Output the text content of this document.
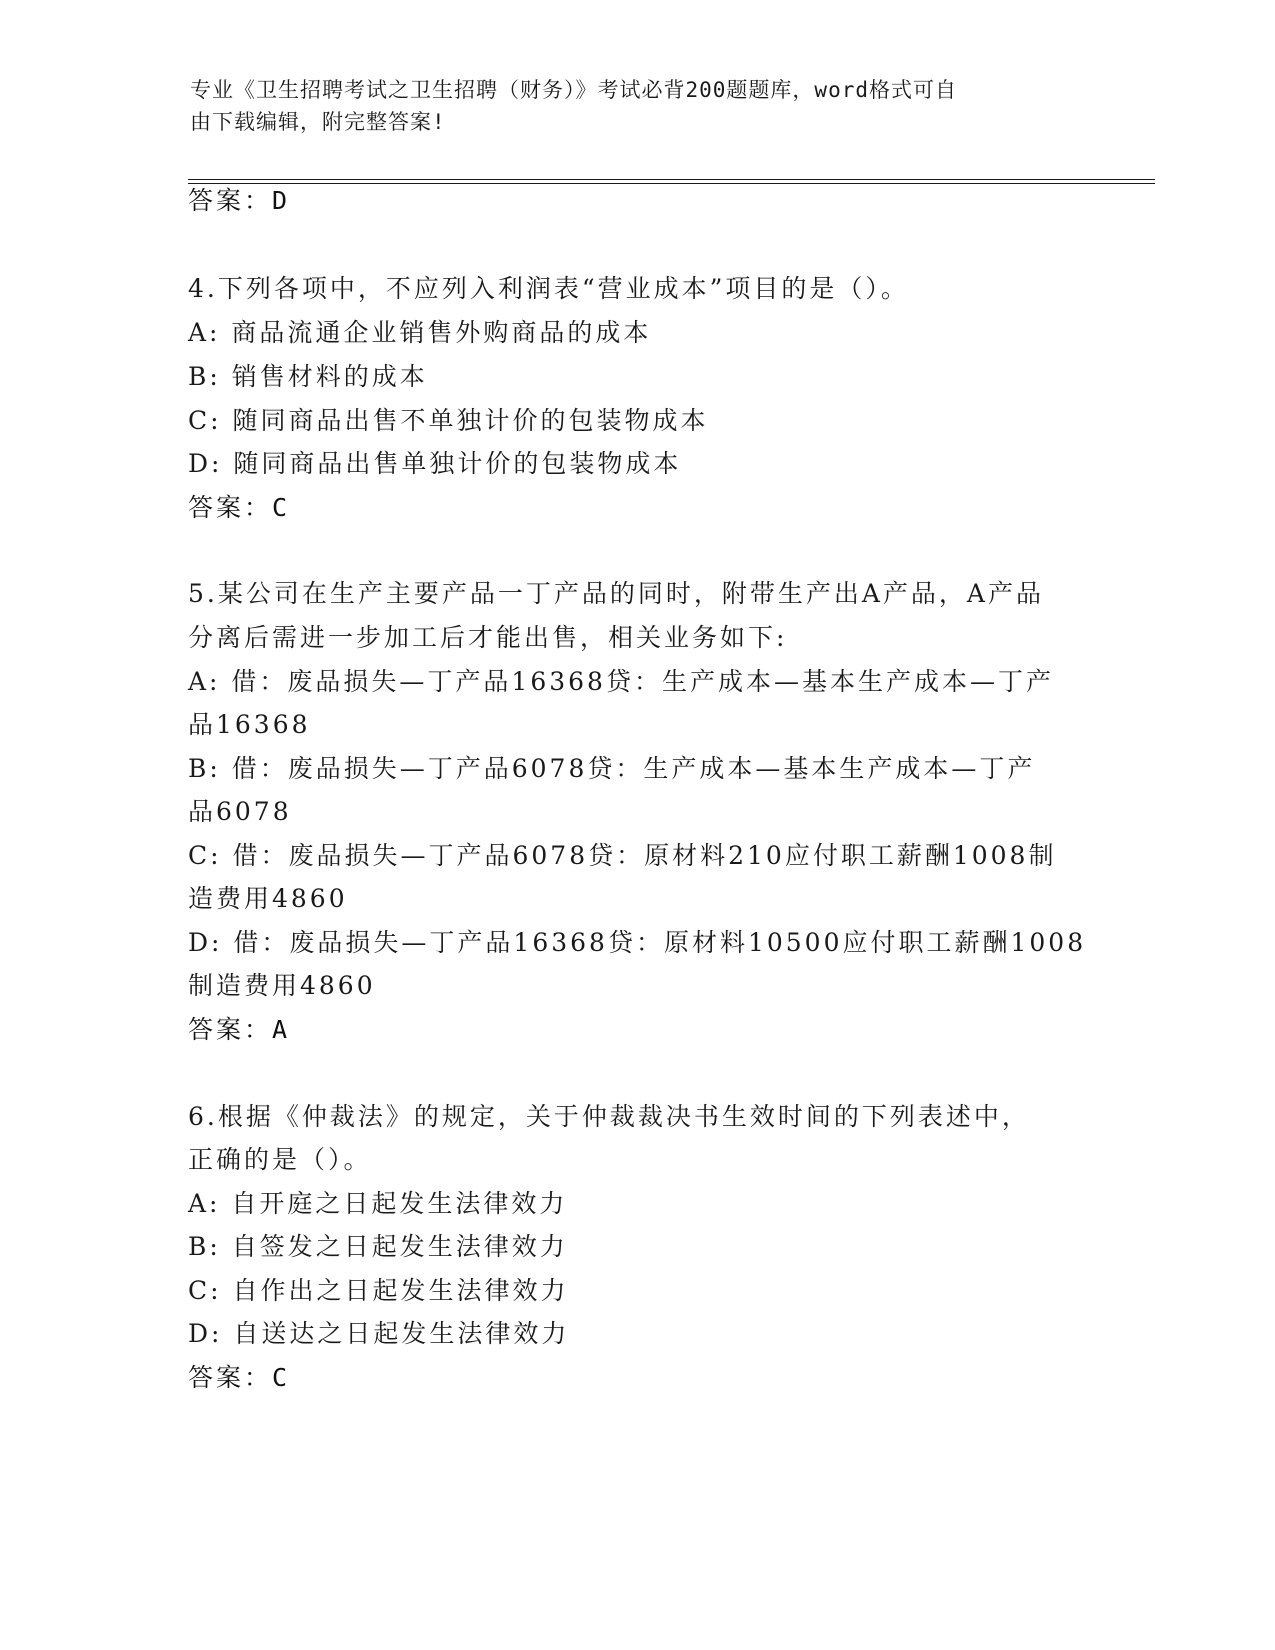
专业《卫生招聘考试之卫生招聘（财务）》考试必背200题题库，word格式可自
由下载编辑，附完整答案!
答案：D
4.下列各项中，不应列入利润表“营业成本”项目的是（）。
A: 商品流通企业销售外购商品的成本
B: 销售材料的成本
C: 随同商品出售不单独计价的包装物成本
D: 随同商品出售单独计价的包装物成本
答案：C
5.某公司在生产主要产品一丁产品的同时，附带生产出A产品，A产品
分离后需进一步加工后才能出售，相关业务如下:
A: 借：废品损失—丁产品16368贷：生产成本—基本生产成本—丁产
品16368
B: 借：废品损失—丁产品6078贷：生产成本—基本生产成本—丁产
品6078
C: 借：废品损失—丁产品6078贷：原材料210应付职工薪酬1008制
造费用4860
D: 借：废品损失—丁产品16368贷：原材料10500应付职工薪酬1008
制造费用4860
答案：A
6.根据《仲裁法》的规定，关于仲裁裁决书生效时间的下列表述中，
正确的是（）。
A: 自开庭之日起发生法律效力
B: 自签发之日起发生法律效力
C: 自作出之日起发生法律效力
D: 自送达之日起发生法律效力
答案：C
